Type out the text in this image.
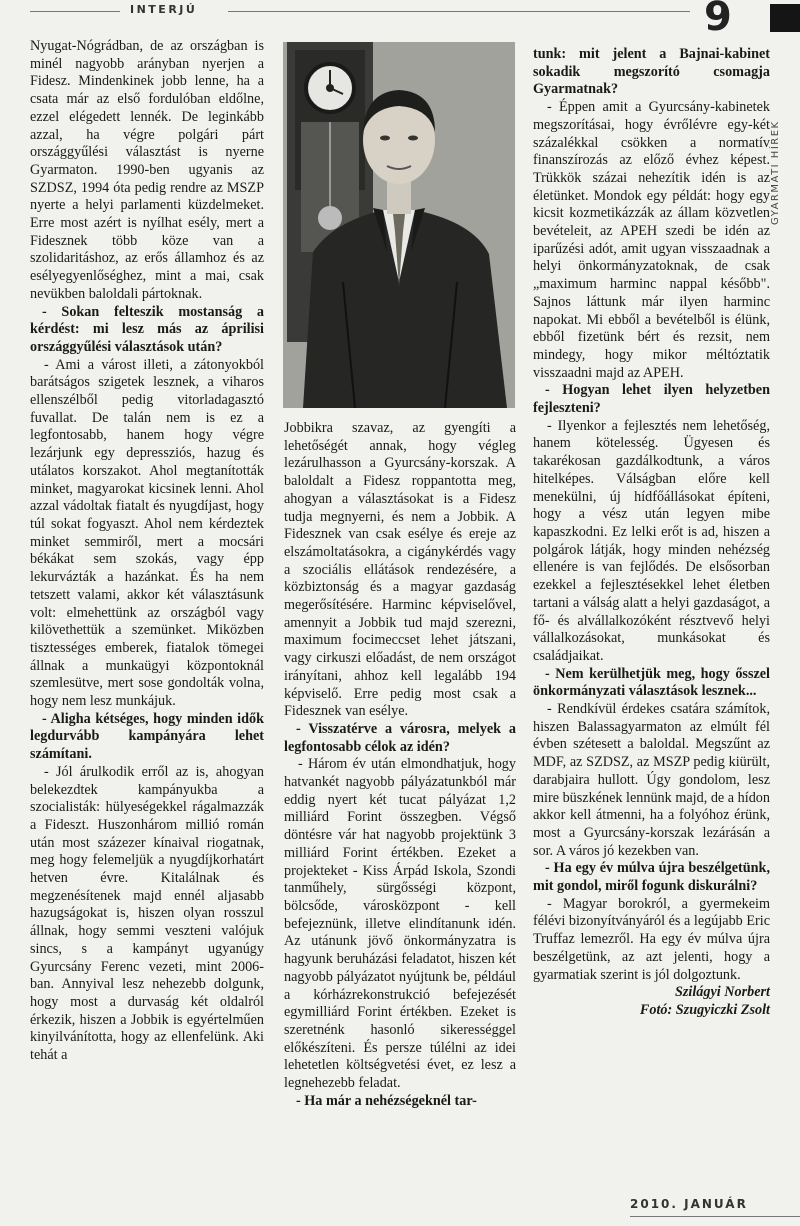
INTERJÚ	9
GYARMATI HÍREK

Nyugat-Nógrádban, de az országban is minél nagyobb arányban nyerjen a Fidesz. Mindenkinek jobb lenne, ha a csata már az első fordulóban eldőlne, ezzel elégedett lennék. De leginkább azzal, ha végre polgári párt országgyűlési választást is nyerne Gyarmaton. 1990-ben ugyanis az SZDSZ, 1994 óta pedig rendre az MSZP nyerte a helyi parlamenti küzdelmeket. Erre most azért is nyílhat esély, mert a Fidesznek több köze van a szolidaritáshoz, az erős államhoz és az esélyegyenlőséghez, mint a mai, csak nevükben baloldali pártoknak.

- Sokan felteszik mostanság a kérdést: mi lesz más az áprilisi országgyűlési választások után?

- Ami a várost illeti, a zátonyokból barátságos szigetek lesznek, a viharos ellenszélből pedig vitorladagasztó fuvallat. De talán nem is ez a legfontosabb, hanem hogy végre lezárjunk egy depressziós, hazug és utálatos korszakot. Ahol megtanították minket, magyarokat kicsinek lenni. Ahol azzal vádoltak fiatalt és nyugdíjast, hogy túl sokat fogyaszt. Ahol nem kérdeztek minket semmiről, mert a mocsári békákat sem szokás, vagy épp lekurvázták a hazánkat. És ha nem tetszett valami, akkor két választásunk volt: elmehettünk az országból vagy kilövethettük a szemünket. Miközben tisztességes emberek, fiatalok tömegei állnak a munkaügyi központoknál szemlesütve, mert sose gondolták volna, hogy nem lesz munkájuk.

- Aligha kétséges, hogy minden idők legdurvább kampányára lehet számítani.

- Jól árulkodik erről az is, ahogyan belekezdtek kampányukba a szocialisták: hülyeségekkel rágalmazzák a Fideszt. Huszonhárom millió román után most százezer kínaival riogatnak, meg hogy felemeljük a nyugdíjkorhatárt hetven évre. Kitalálnak és megzenésítenek majd ennél aljasabb hazugságokat is, hiszen olyan rosszul állnak, hogy semmi veszteni valójuk sincs, s a kampányt ugyanúgy Gyurcsány Ferenc vezeti, mint 2006-ban. Annyival lesz nehezebb dolgunk, hogy most a durvaság két oldalról érkezik, hiszen a Jobbik is egyértelműen kinyilvánította, hogy az ellenfelünk. Aki tehát a

Jobbikra szavaz, az gyengíti a lehetőségét annak, hogy végleg lezárulhasson a Gyurcsány-korszak. A baloldalt a Fidesz roppantotta meg, ahogyan a választásokat is a Fidesz tudja megnyerni, és nem a Jobbik. A Fidesznek van csak esélye és ereje az elszámoltatásokra, a cigánykérdés vagy a szociális ellátások rendezésére, a közbiztonság és a magyar gazdaság megerősítésére. Harminc képviselővel, amennyit a Jobbik tud majd szerezni, maximum focimeccset lehet játszani, vagy cirkuszi előadást, de nem országot irányítani, ahhoz kell legalább 194 képviselő. Erre pedig most csak a Fidesznek van esélye.

- Visszatérve a városra, melyek a legfontosabb célok az idén?

- Három év után elmondhatjuk, hogy hatvankét nagyobb pályázatunkból már eddig nyert két tucat pályázat 1,2 milliárd Forint összegben. Végső döntésre vár hat nagyobb projektünk 3 milliárd Forint értékben. Ezeket a projekteket - Kiss Árpád Iskola, Szondi tanműhely, sürgősségi központ, bölcsőde, városközpont - kell befejeznünk, illetve elindítanunk idén. Az utánunk jövő önkormányzatra is hagyunk beruházási feladatot, hiszen két nagyobb pályázatot nyújtunk be, például a kórházrekonstrukció befejezését egymilliárd Forint értékben. Ezeket is szeretnénk hasonló sikerességgel előkészíteni. És persze túlélni az idei lehetetlen költségvetési évet, ez lesz a legnehezebb feladat.

- Ha már a nehézségeknél tar-

tunk: mit jelent a Bajnai-kabinet sokadik megszorító csomagja Gyarmatnak?

- Éppen amit a Gyurcsány-kabinetek megszorításai, hogy évrőlévre egy-két százalékkal csökken a normatív finanszírozás az előző évhez képest. Trükkök százai nehezítik idén is az életünket. Mondok egy példát: hogy egy kicsit kozmetikázzák az állam közvetlen bevételeit, az APEH szedi be idén az iparűzési adót, amit ugyan visszaadnak a helyi önkormányzatoknak, de csak „maximum harminc nappal később". Sajnos láttunk már ilyen harminc napokat. Mi ebből a bevételből is élünk, ebből fizetünk bért és rezsit, nem mindegy, hogy mikor méltóztatik visszaadni majd az APEH.

- Hogyan lehet ilyen helyzetben fejleszteni?

- Ilyenkor a fejlesztés nem lehetőség, hanem kötelesség. Ügyesen és takarékosan gazdálkodtunk, a város hitelképes. Válságban előre kell menekülni, új hídfőállásokat építeni, hogy a vész után legyen mibe kapaszkodni. Ez lelki erőt is ad, hiszen a polgárok látják, hogy minden nehézség ellenére is van fejlődés. De elsősorban ezekkel a fejlesztésekkel lehet életben tartani a válság alatt a helyi gazdaságot, a fő- és alvállalkozóként résztvevő helyi vállalkozásokat, munkásokat és családjaikat.

- Nem kerülhetjük meg, hogy ősszel önkormányzati választások lesznek...

- Rendkívül érdekes csatára számítok, hiszen Balassagyarmaton az elmúlt fél évben szétesett a baloldal. Megszűnt az MDF, az SZDSZ, az MSZP pedig kiürült, darabjaira hullott. Úgy gondolom, lesz mire büszkének lennünk majd, de a hídon akkor kell átmenni, ha a folyóhoz érünk, most a Gyurcsány-korszak lezárásán a sor. A város jó kezekben van.

- Ha egy év múlva újra beszélgetünk, mit gondol, miről fogunk diskurálni?

- Magyar borokról, a gyermekeim félévi bizonyítványáról és a legújabb Eric Truffaz lemezről. Ha egy év múlva újra beszélgetünk, az azt jelenti, hogy a gyarmatiak szerint is jól dolgoztunk.

Szilágyi Norbert

Fotó: Szugyiczki Zsolt

2010. JANUÁR
